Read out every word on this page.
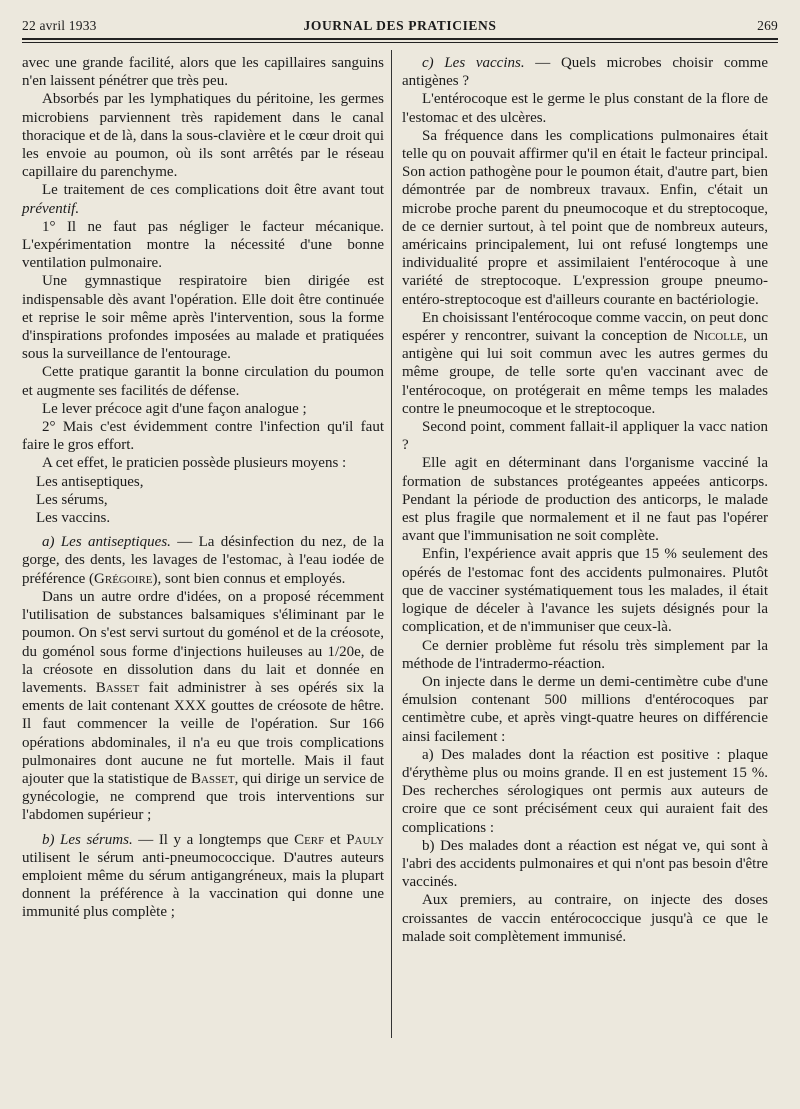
22 avril 1933	JOURNAL DES PRATICIENS	269

avec une grande facilité, alors que les capillaires sanguins n'en laissent pénétrer que très peu.

Absorbés par les lymphatiques du péritoine, les germes microbiens parviennent très rapidement dans le canal thoracique et de là, dans la sous-clavière et le cœur droit qui les envoie au poumon, où ils sont arrêtés par le réseau capillaire du parenchyme.

Le traitement de ces complications doit être avant tout préventif.

1° Il ne faut pas négliger le facteur mécanique. L'expérimentation montre la nécessité d'une bonne ventilation pulmonaire.

Une gymnastique respiratoire bien dirigée est indispensable dès avant l'opération. Elle doit être continuée et reprise le soir même après l'intervention, sous la forme d'inspirations profondes imposées au malade et pratiquées sous la surveillance de l'entourage.

Cette pratique garantit la bonne circulation du poumon et augmente ses facilités de défense.

Le lever précoce agit d'une façon analogue ;

2° Mais c'est évidemment contre l'infection qu'il faut faire le gros effort.

A cet effet, le praticien possède plusieurs moyens :

Les antiseptiques,

Les sérums,

Les vaccins.

a) Les antiseptiques. — La désinfection du nez, de la gorge, des dents, les lavages de l'estomac, à l'eau iodée de préférence (Grégoire), sont bien connus et employés.

Dans un autre ordre d'idées, on a proposé récemment l'utilisation de substances balsamiques s'éliminant par le poumon. On s'est servi surtout du goménol et de la créosote, du goménol sous forme d'injections huileuses au 1/20e, de la créosote en dissolution dans du lait et donnée en lavements. Basset fait administrer à ses opérés six la ements de lait contenant XXX gouttes de créosote de hêtre. Il faut commencer la veille de l'opération. Sur 166 opérations abdominales, il n'a eu que trois complications pulmonaires dont aucune ne fut mortelle. Mais il faut ajouter que la statistique de Basset, qui dirige un service de gynécologie, ne comprend que trois interventions sur l'abdomen supérieur ;

b) Les sérums. — Il y a longtemps que Cerf et Pauly utilisent le sérum anti-pneumococcique. D'autres auteurs emploient même du sérum antigangréneux, mais la plupart donnent la préférence à la vaccination qui donne une immunité plus complète ;

c) Les vaccins. — Quels microbes choisir comme antigènes ?

L'entérocoque est le germe le plus constant de la flore de l'estomac et des ulcères.

Sa fréquence dans les complications pulmonaires était telle qu on pouvait affirmer qu'il en était le facteur principal. Son action pathogène pour le poumon était, d'autre part, bien démontrée par de nombreux travaux. Enfin, c'était un microbe proche parent du pneumocoque et du streptocoque, de ce dernier surtout, à tel point que de nombreux auteurs, américains principalement, lui ont refusé longtemps une individualité propre et assimilaient l'entérocoque à une variété de streptocoque. L'expression groupe pneumo-entéro-streptocoque est d'ailleurs courante en bactériologie.

En choisissant l'entérocoque comme vaccin, on peut donc espérer y rencontrer, suivant la conception de Nicolle, un antigène qui lui soit commun avec les autres germes du même groupe, de telle sorte qu'en vaccinant avec de l'entérocoque, on protégerait en même temps les malades contre le pneumocoque et le streptocoque.

Second point, comment fallait-il appliquer la vacc nation ?

Elle agit en déterminant dans l'organisme vacciné la formation de substances protégeantes appeées anticorps. Pendant la période de production des anticorps, le malade est plus fragile que normalement et il ne faut pas l'opérer avant que l'immunisation ne soit complète.

Enfin, l'expérience avait appris que 15 % seulement des opérés de l'estomac font des accidents pulmonaires. Plutôt que de vacciner systématiquement tous les malades, il était logique de déceler à l'avance les sujets désignés pour la complication, et de n'immuniser que ceux-là.

Ce dernier problème fut résolu très simplement par la méthode de l'intradermo-réaction.

On injecte dans le derme un demi-centimètre cube d'une émulsion contenant 500 millions d'entérocoques par centimètre cube, et après vingt-quatre heures on différencie ainsi facilement :

a) Des malades dont la réaction est positive : plaque d'érythème plus ou moins grande. Il en est justement 15 %. Des recherches sérologiques ont permis aux auteurs de croire que ce sont précisément ceux qui auraient fait des complications :

b) Des malades dont a réaction est négat ve, qui sont à l'abri des accidents pulmonaires et qui n'ont pas besoin d'être vaccinés.

Aux premiers, au contraire, on injecte des doses croissantes de vaccin entérococcique jusqu'à ce que le malade soit complètement immunisé.
